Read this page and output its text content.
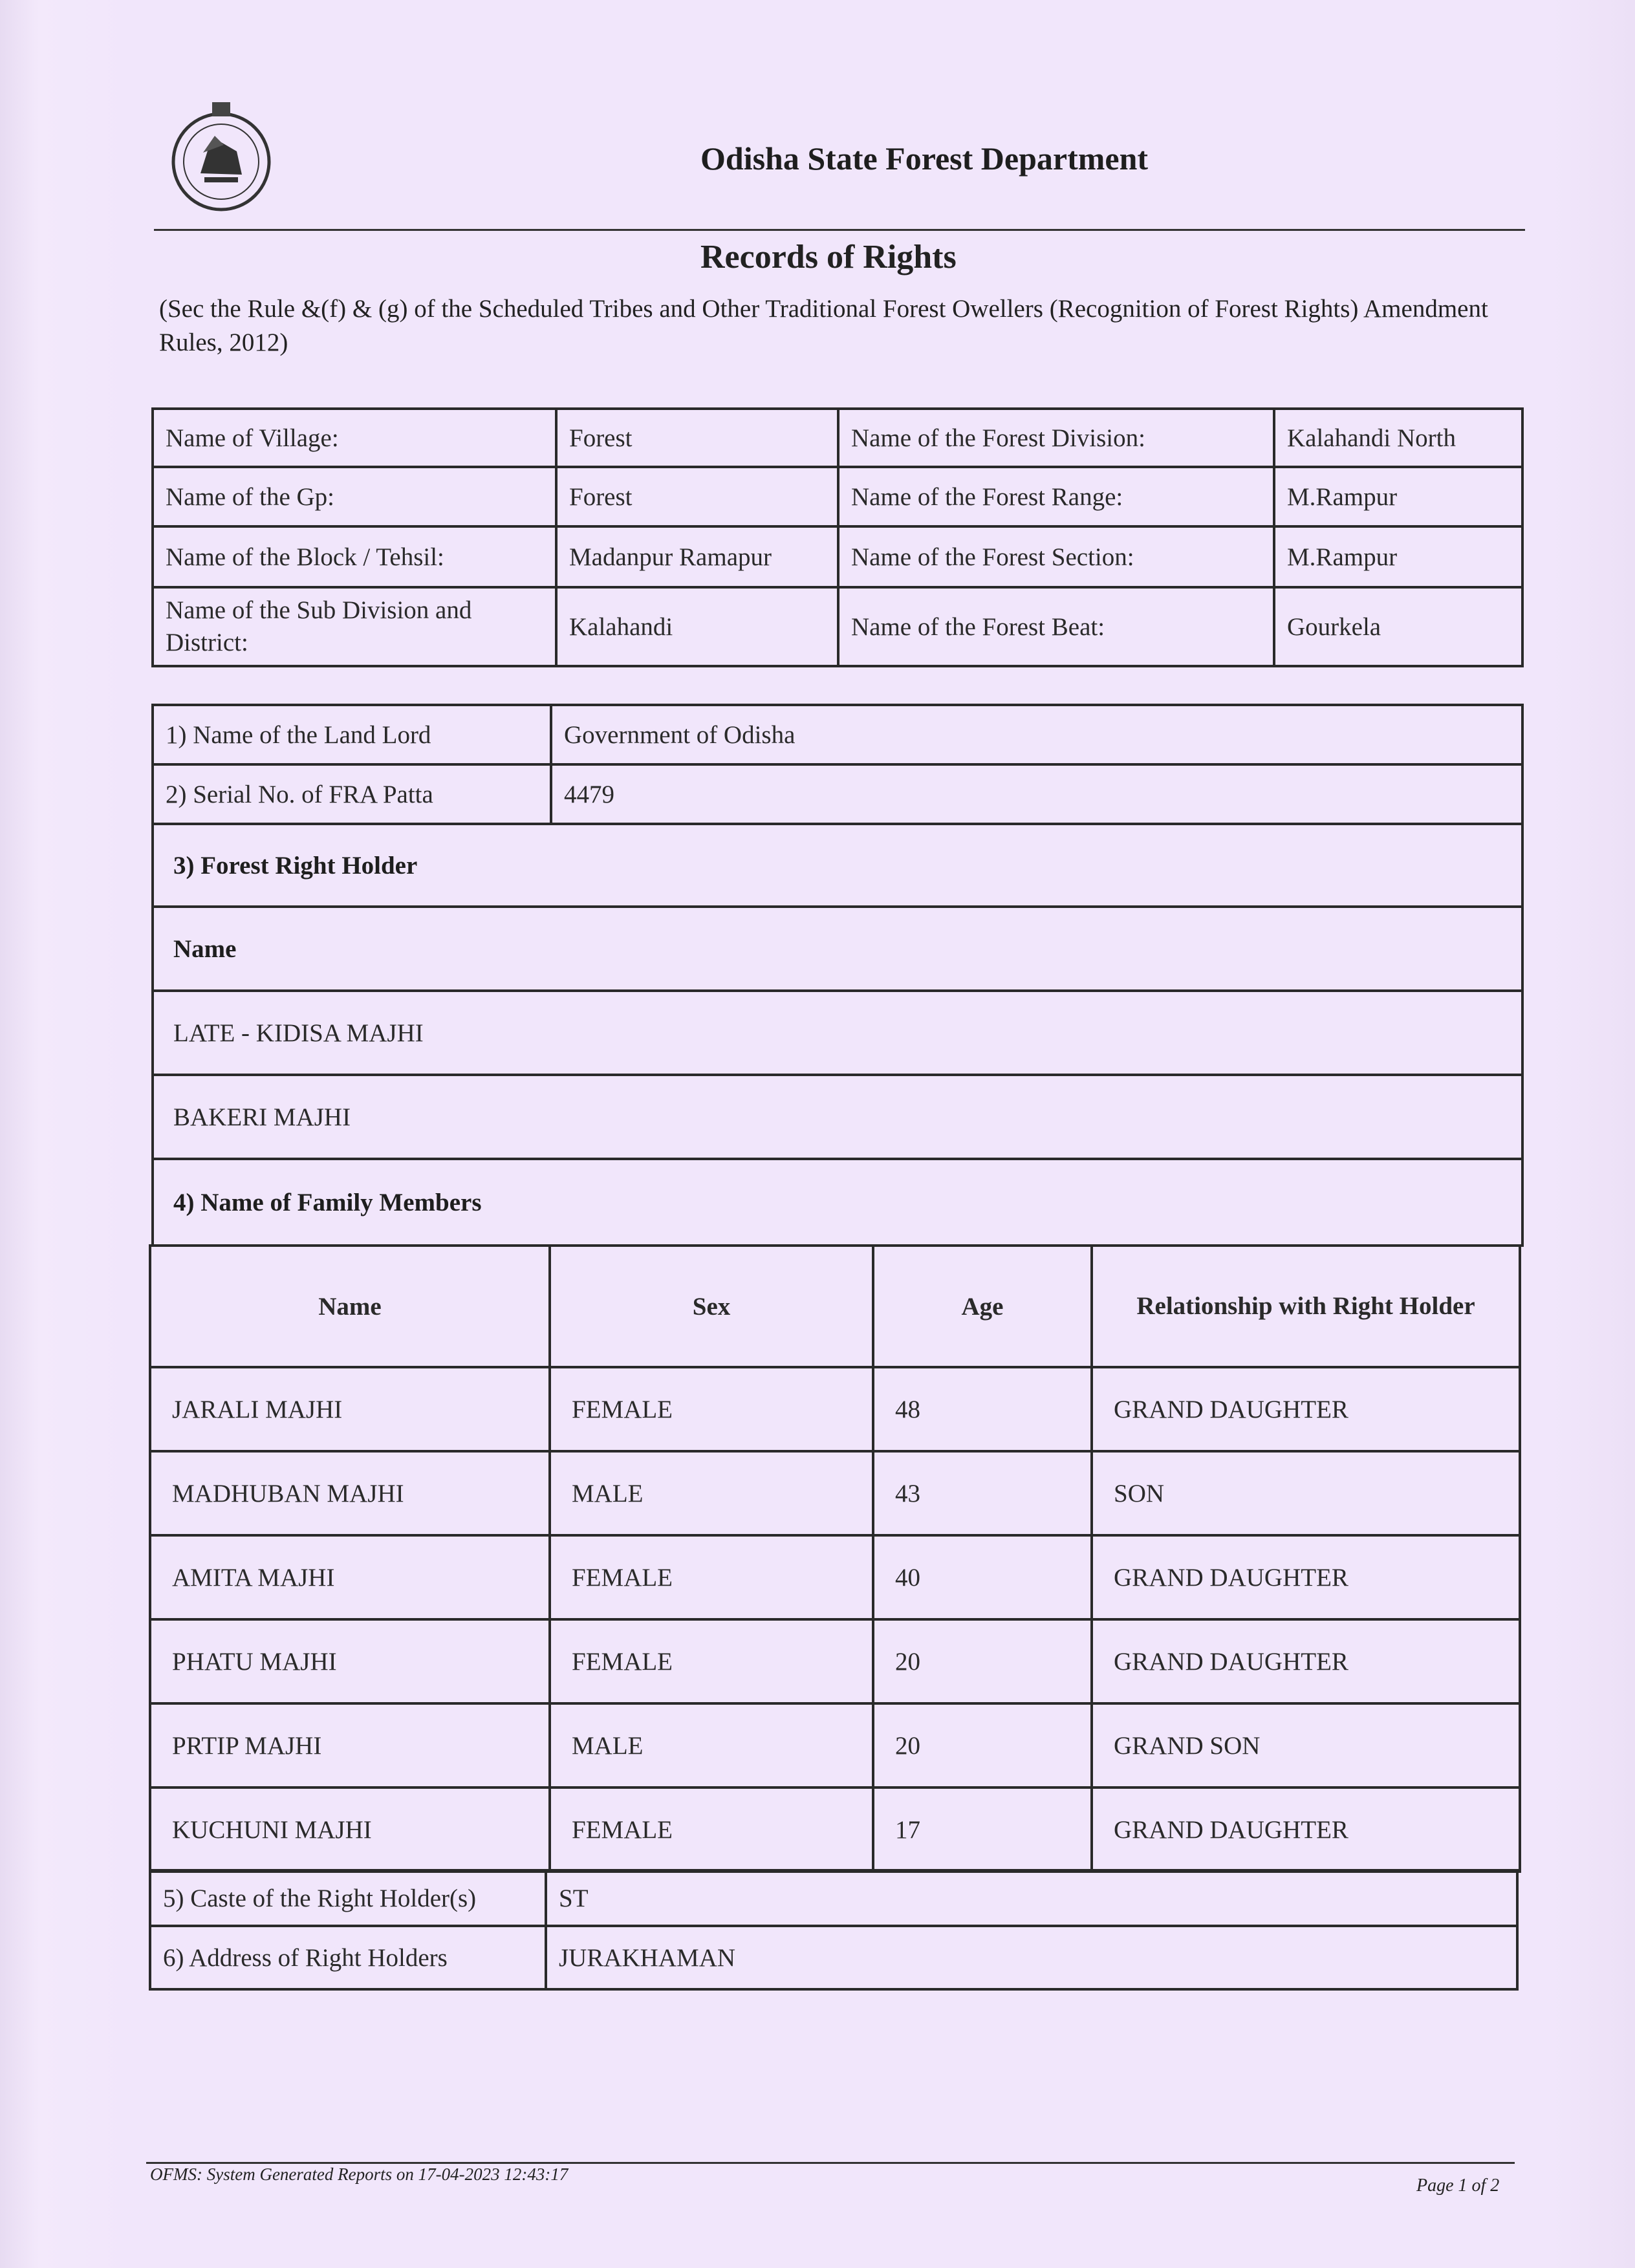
Odisha State Forest Department
Records of Rights
(Sec the Rule &(f) & (g) of the Scheduled Tribes and Other Traditional Forest Owellers (Recognition of Forest Rights) Amendment Rules, 2012)
Name of Village:	Forest	Name of the Forest Division:	Kalahandi North
Name of the Gp:	Forest	Name of the Forest Range:	M.Rampur
Name of the Block / Tehsil:	Madanpur Ramapur	Name of the Forest Section:	M.Rampur
Name of the Sub Division and District:	Kalahandi	Name of the Forest Beat:	Gourkela
1) Name of the Land Lord	Government of Odisha
2) Serial No. of FRA Patta	4479
3) Forest Right Holder	
Name	
LATE - KIDISA MAJHI	
BAKERI MAJHI	
4) Name of Family Members	
Name	Sex	Age	Relationship with Right Holder
JARALI MAJHI	FEMALE	48	GRAND DAUGHTER
MADHUBAN MAJHI	MALE	43	SON
AMITA MAJHI	FEMALE	40	GRAND DAUGHTER
PHATU MAJHI	FEMALE	20	GRAND DAUGHTER
PRTIP MAJHI	MALE	20	GRAND SON
KUCHUNI MAJHI	FEMALE	17	GRAND DAUGHTER
5) Caste of the Right Holder(s)	ST
6) Address of Right Holders	JURAKHAMAN
OFMS: System Generated Reports on 17-04-2023 12:43:17
Page 1 of 2
